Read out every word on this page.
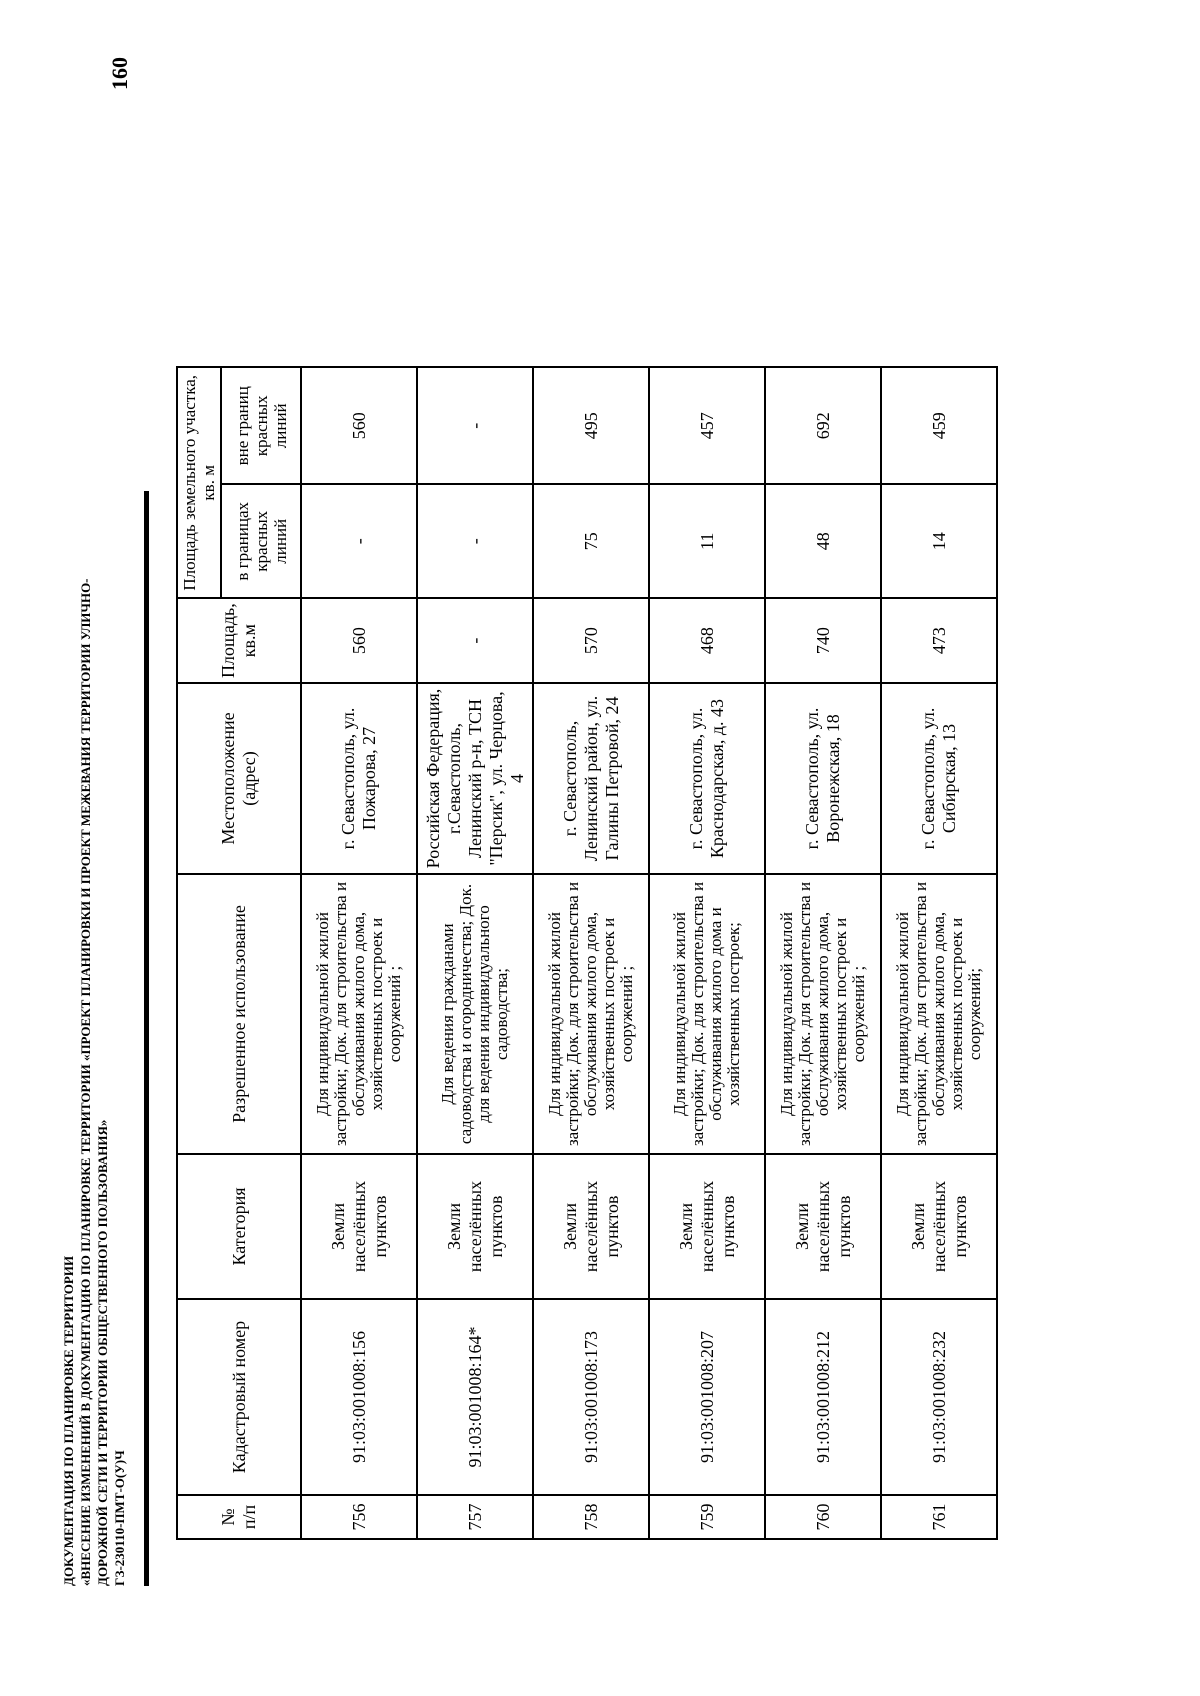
160
ДОКУМЕНТАЦИЯ ПО ПЛАНИРОВКЕ ТЕРРИТОРИИ «ВНЕСЕНИЕ ИЗМЕНЕНИЙ В ДОКУМЕНТАЦИЮ ПО ПЛАНИРОВКЕ ТЕРРИТОРИИ «ПРОЕКТ ПЛАНИРОВКИ И ПРОЕКТ МЕЖЕВАНИЯ ТЕРРИТОРИИ УЛИЧНО- ДОРОЖНОЙ СЕТИ И ТЕРРИТОРИИ ОБЩЕСТВЕННОГО ПОЛЬЗОВАНИЯ» ГЗ-230110-ПМТ-О(У)Ч	№ п/п	Кадастровый номер	Категория	Разрешенное использование	Местоположение (адрес)	Площадь, кв.м	Площадь земельного участка, кв. м	
						в границах красных линий	вне границ красных линий
756	91:03:001008:156	Земли населённых пунктов	Для индивидуальной жилой застройки; Док. для строительства и обслуживания жилого дома, хозяйственных построек и сооружений ;	г. Севастополь, ул. Пожарова, 27	560	-	560
757	91:03:001008:164*	Земли населённых пунктов	Для ведения гражданами садоводства и огородничества; Док. для ведения индивидуального садоводства;	Российская Федерация, г.Севастополь, Ленинский р-н, ТСН "Персик", ул. Черцова, 4	-	-	-
758	91:03:001008:173	Земли населённых пунктов	Для индивидуальной жилой застройки; Док. для строительства и обслуживания жилого дома, хозяйственных построек и сооружений ;	г. Севастополь, Ленинский район, ул. Галины Петровой, 24	570	75	495
759	91:03:001008:207	Земли населённых пунктов	Для индивидуальной жилой застройки; Док. для строительства и обслуживания жилого дома и хозяйственных построек;	г. Севастополь, ул. Краснодарская, д. 43	468	11	457
760	91:03:001008:212	Земли населённых пунктов	Для индивидуальной жилой застройки; Док. для строительства и обслуживания жилого дома, хозяйственных построек и сооружений ;	г. Севастополь, ул. Воронежская, 18	740	48	692
761	91:03:001008:232	Земли населённых пунктов	Для индивидуальной жилой застройки; Док. для строительства и обслуживания жилого дома, хозяйственных построек и сооружений;	г. Севастополь, ул. Сибирская, 13	473	14	459
